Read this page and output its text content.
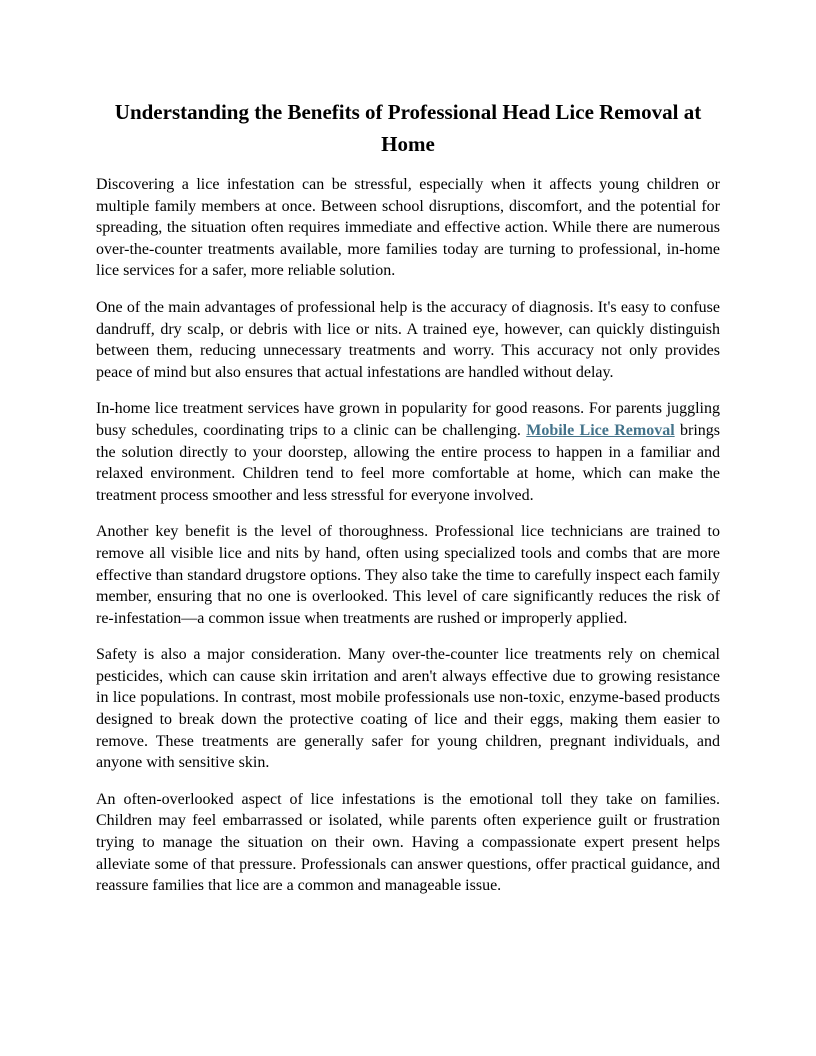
Understanding the Benefits of Professional Head Lice Removal at Home

Discovering a lice infestation can be stressful, especially when it affects young children or multiple family members at once. Between school disruptions, discomfort, and the potential for spreading, the situation often requires immediate and effective action. While there are numerous over-the-counter treatments available, more families today are turning to professional, in-home lice services for a safer, more reliable solution.

One of the main advantages of professional help is the accuracy of diagnosis. It's easy to confuse dandruff, dry scalp, or debris with lice or nits. A trained eye, however, can quickly distinguish between them, reducing unnecessary treatments and worry. This accuracy not only provides peace of mind but also ensures that actual infestations are handled without delay.

In-home lice treatment services have grown in popularity for good reasons. For parents juggling busy schedules, coordinating trips to a clinic can be challenging. Mobile Lice Removal brings the solution directly to your doorstep, allowing the entire process to happen in a familiar and relaxed environment. Children tend to feel more comfortable at home, which can make the treatment process smoother and less stressful for everyone involved.

Another key benefit is the level of thoroughness. Professional lice technicians are trained to remove all visible lice and nits by hand, often using specialized tools and combs that are more effective than standard drugstore options. They also take the time to carefully inspect each family member, ensuring that no one is overlooked. This level of care significantly reduces the risk of re-infestation—a common issue when treatments are rushed or improperly applied.

Safety is also a major consideration. Many over-the-counter lice treatments rely on chemical pesticides, which can cause skin irritation and aren't always effective due to growing resistance in lice populations. In contrast, most mobile professionals use non-toxic, enzyme-based products designed to break down the protective coating of lice and their eggs, making them easier to remove. These treatments are generally safer for young children, pregnant individuals, and anyone with sensitive skin.

An often-overlooked aspect of lice infestations is the emotional toll they take on families. Children may feel embarrassed or isolated, while parents often experience guilt or frustration trying to manage the situation on their own. Having a compassionate expert present helps alleviate some of that pressure. Professionals can answer questions, offer practical guidance, and reassure families that lice are a common and manageable issue.
